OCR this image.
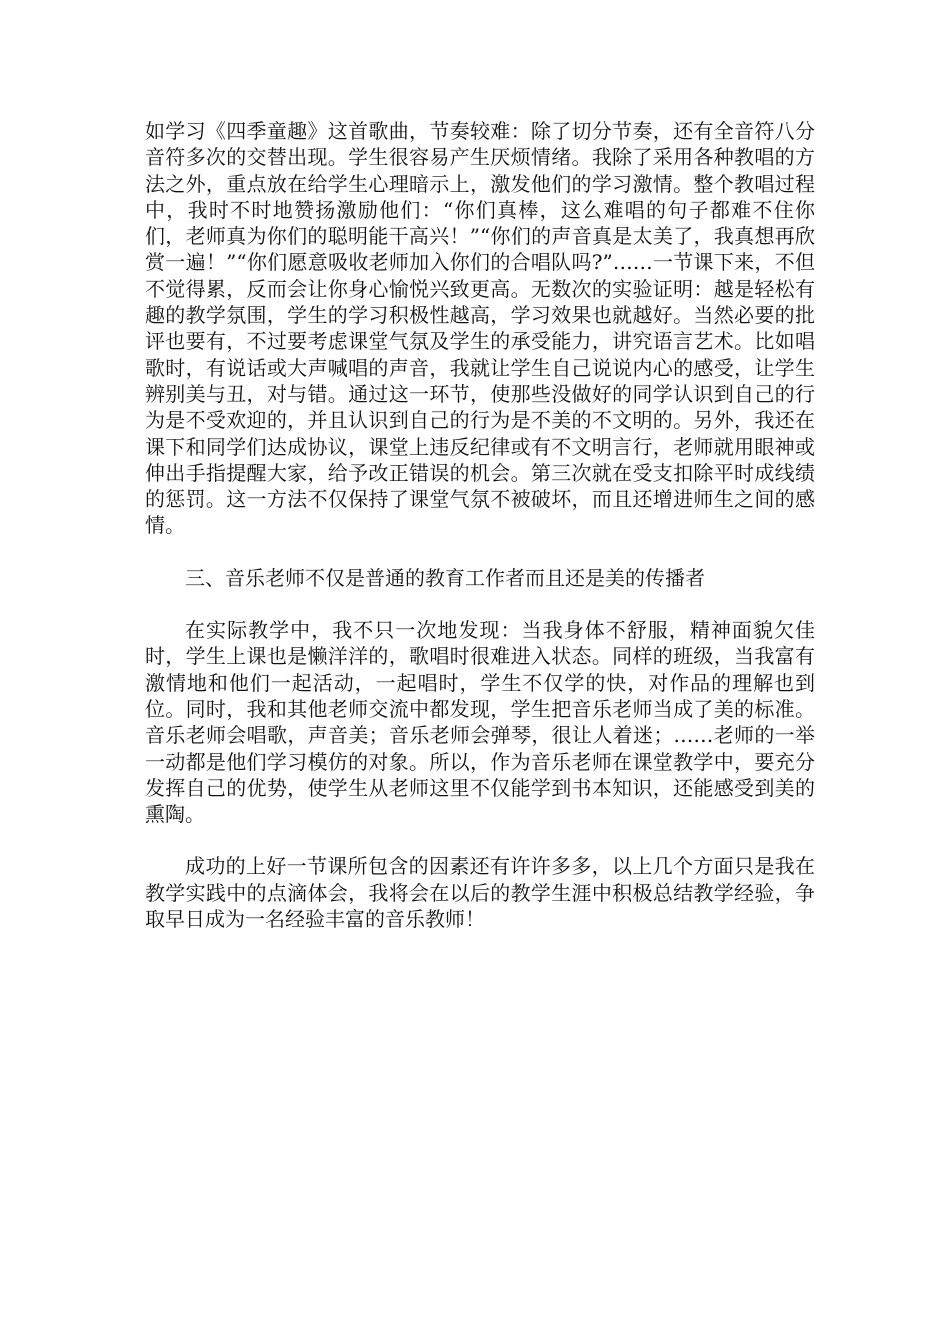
如学习《四季童趣》这首歌曲，节奏较难：除了切分节奏，还有全音符八分音符多次的交替出现。学生很容易产生厌烦情绪。我除了采用各种教唱的方法之外，重点放在给学生心理暗示上，激发他们的学习激情。整个教唱过程中，我时不时地赞扬激励他们：“你们真棒，这么难唱的句子都难不住你们，老师真为你们的聪明能干高兴！”“你们的声音真是太美了，我真想再欣赏一遍！”“你们愿意吸收老师加入你们的合唱队吗?”……一节课下来，不但不觉得累，反而会让你身心愉悦兴致更高。无数次的实验证明：越是轻松有趣的教学氛围，学生的学习积极性越高，学习效果也就越好。当然必要的批评也要有，不过要考虑课堂气氛及学生的承受能力，讲究语言艺术。比如唱歌时，有说话或大声喊唱的声音，我就让学生自己说说内心的感受，让学生辨别美与丑，对与错。通过这一环节，使那些没做好的同学认识到自己的行为是不受欢迎的，并且认识到自己的行为是不美的不文明的。另外，我还在课下和同学们达成协议，课堂上违反纪律或有不文明言行，老师就用眼神或伸出手指提醒大家，给予改正错误的机会。第三次就在受支扣除平时成线绩的惩罚。这一方法不仅保持了课堂气氛不被破坏，而且还增进师生之间的感情。

三、音乐老师不仅是普通的教育工作者而且还是美的传播者

在实际教学中，我不只一次地发现：当我身体不舒服，精神面貌欠佳时，学生上课也是懒洋洋的，歌唱时很难进入状态。同样的班级，当我富有激情地和他们一起活动，一起唱时，学生不仅学的快，对作品的理解也到位。同时，我和其他老师交流中都发现，学生把音乐老师当成了美的标准。音乐老师会唱歌，声音美；音乐老师会弹琴，很让人着迷；……老师的一举一动都是他们学习模仿的对象。所以，作为音乐老师在课堂教学中，要充分发挥自己的优势，使学生从老师这里不仅能学到书本知识，还能感受到美的熏陶。

成功的上好一节课所包含的因素还有许许多多，以上几个方面只是我在教学实践中的点滴体会，我将会在以后的教学生涯中积极总结教学经验，争取早日成为一名经验丰富的音乐教师！
